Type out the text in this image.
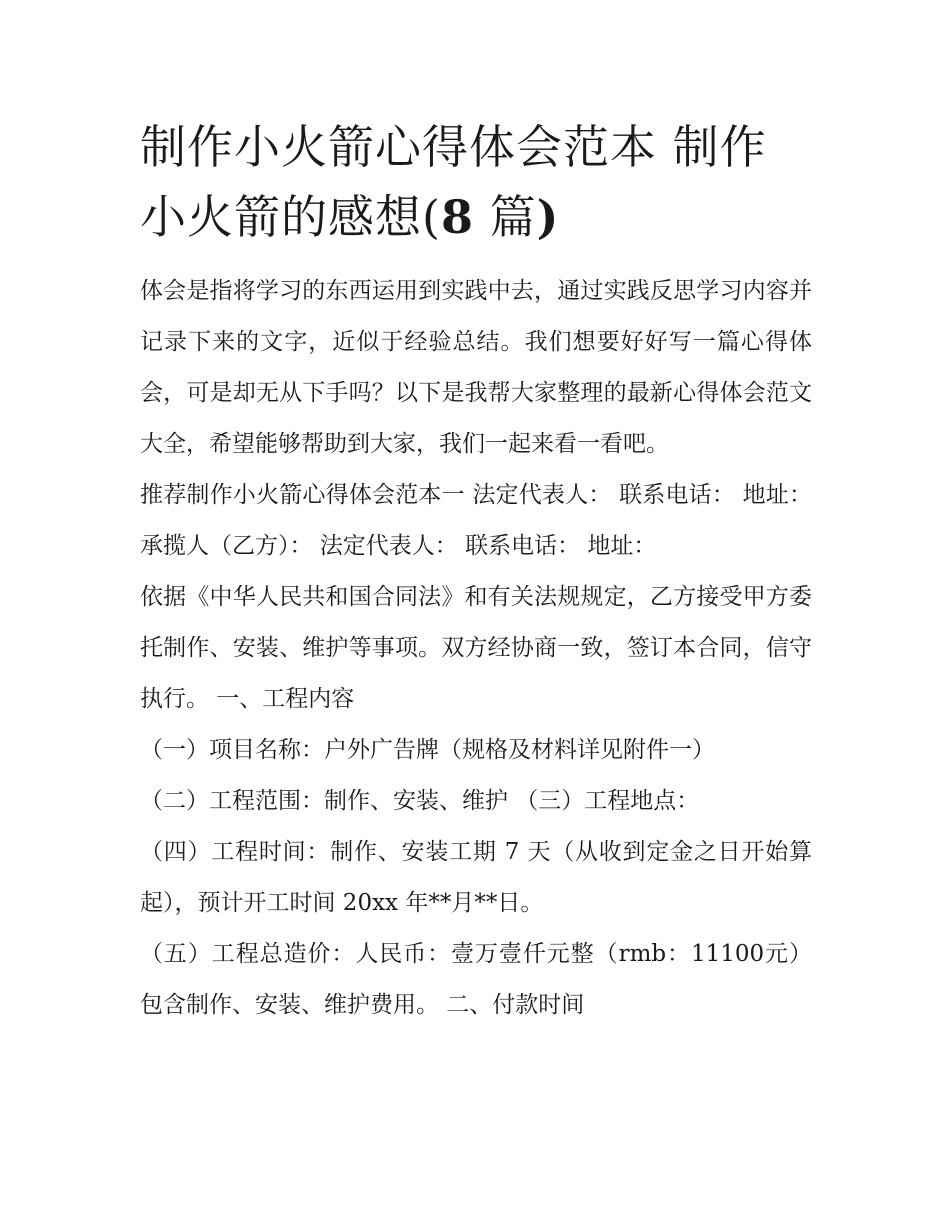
制作小火箭心得体会范本 制作小火箭的感想(8 篇)

体会是指将学习的东西运用到实践中去，通过实践反思学习内容并记录下来的文字，近似于经验总结。我们想要好好写一篇心得体会，可是却无从下手吗？以下是我帮大家整理的最新心得体会范文大全，希望能够帮助到大家，我们一起来看一看吧。

推荐制作小火箭心得体会范本一 法定代表人： 联系电话： 地址：承揽人（乙方）： 法定代表人： 联系电话： 地址：

依据《中华人民共和国合同法》和有关法规规定，乙方接受甲方委托制作、安装、维护等事项。双方经协商一致，签订本合同，信守执行。 一、工程内容

（一）项目名称：户外广告牌（规格及材料详见附件一）

（二）工程范围：制作、安装、维护 （三）工程地点：

（四）工程时间：制作、安装工期 7 天（从收到定金之日开始算起），预计开工时间 20xx 年**月**日。

（五）工程总造价：人民币：壹万壹仟元整（rmb：11100元）包含制作、安装、维护费用。 二、付款时间
